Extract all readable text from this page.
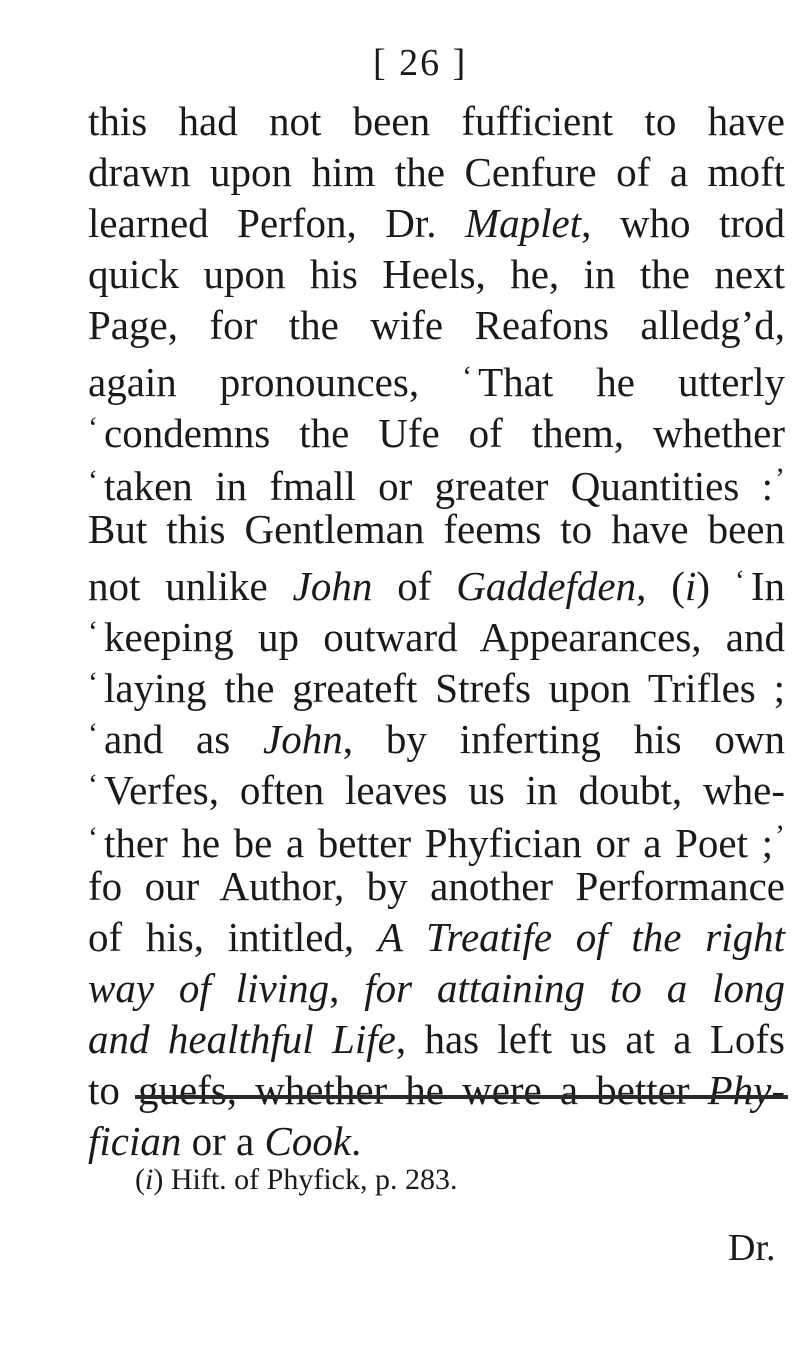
[ 26 ]
this had not been fufficient to have
drawn upon him the Cenfure of a moft
learned Perfon, Dr. Maplet, who trod
quick upon his Heels, he, in the next
Page, for the wife Reafons alledg’d,
again pronounces, ‘ That he utterly
‘ condemns the Ufe of them, whether
‘ taken in fmall or greater Quantities :’
But this Gentleman feems to have been
not unlike John of Gaddefden, (i) ‘ In
‘ keeping up outward Appearances, and
‘ laying the greateft Strefs upon Trifles ;
‘ and as John, by inferting his own
‘ Verfes, often leaves us in doubt, whe-
‘ ther he be a better Phyfician or a Poet ;’
fo our Author, by another Performance
of his, intitled, A Treatife of the right
way of living, for attaining to a long
and healthful Life, has left us at a Lofs
to guefs, whether he were a better Phy-
fician or a Cook.
(i) Hift. of Phyfick, p. 283.
Dr.
